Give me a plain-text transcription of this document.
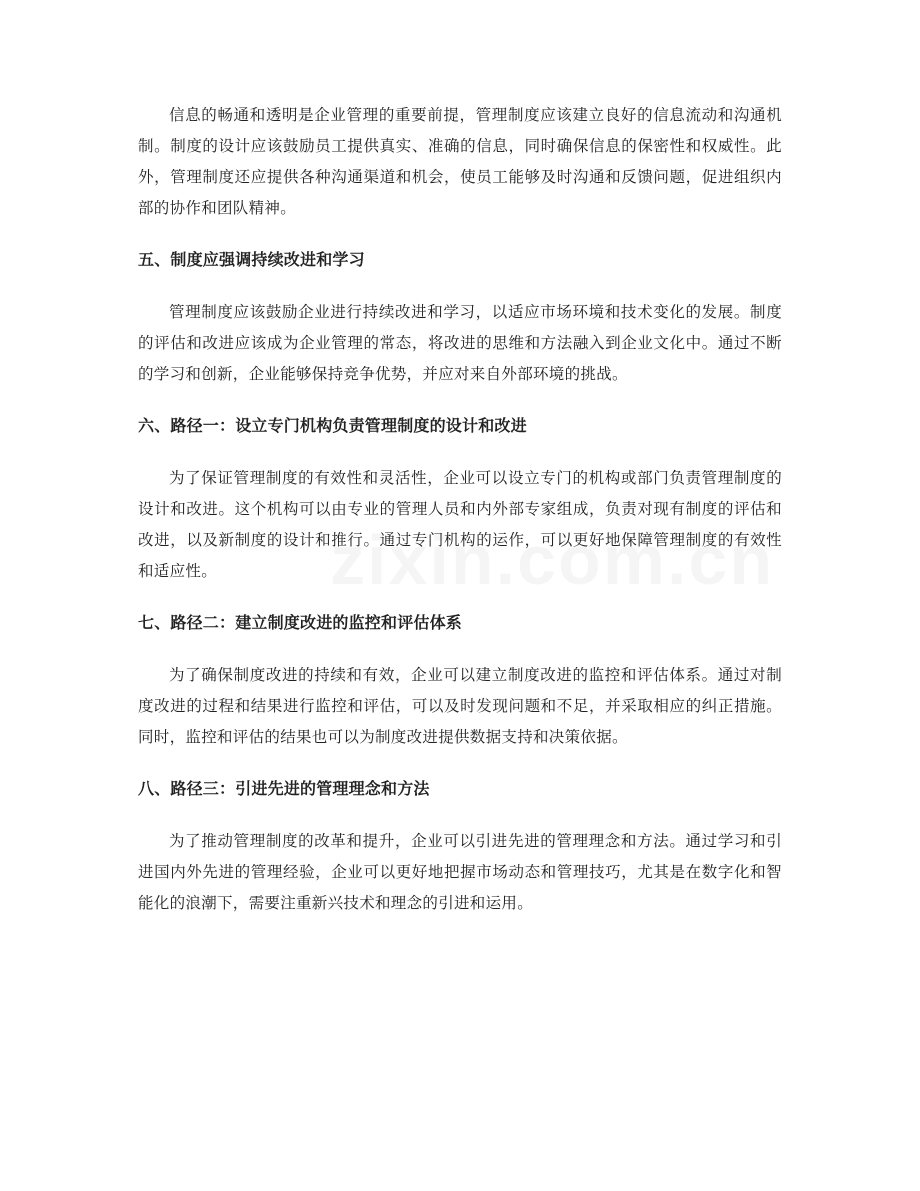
信息的畅通和透明是企业管理的重要前提，管理制度应该建立良好的信息流动和沟通机制。制度的设计应该鼓励员工提供真实、准确的信息，同时确保信息的保密性和权威性。此外，管理制度还应提供各种沟通渠道和机会，使员工能够及时沟通和反馈问题，促进组织内部的协作和团队精神。

五、制度应强调持续改进和学习

管理制度应该鼓励企业进行持续改进和学习，以适应市场环境和技术变化的发展。制度的评估和改进应该成为企业管理的常态，将改进的思维和方法融入到企业文化中。通过不断的学习和创新，企业能够保持竞争优势，并应对来自外部环境的挑战。

六、路径一：设立专门机构负责管理制度的设计和改进

为了保证管理制度的有效性和灵活性，企业可以设立专门的机构或部门负责管理制度的设计和改进。这个机构可以由专业的管理人员和内外部专家组成，负责对现有制度的评估和改进，以及新制度的设计和推行。通过专门机构的运作，可以更好地保障管理制度的有效性和适应性。

七、路径二：建立制度改进的监控和评估体系

为了确保制度改进的持续和有效，企业可以建立制度改进的监控和评估体系。通过对制度改进的过程和结果进行监控和评估，可以及时发现问题和不足，并采取相应的纠正措施。同时，监控和评估的结果也可以为制度改进提供数据支持和决策依据。

八、路径三：引进先进的管理理念和方法

为了推动管理制度的改革和提升，企业可以引进先进的管理理念和方法。通过学习和引进国内外先进的管理经验，企业可以更好地把握市场动态和管理技巧，尤其是在数字化和智能化的浪潮下，需要注重新兴技术和理念的引进和运用。
